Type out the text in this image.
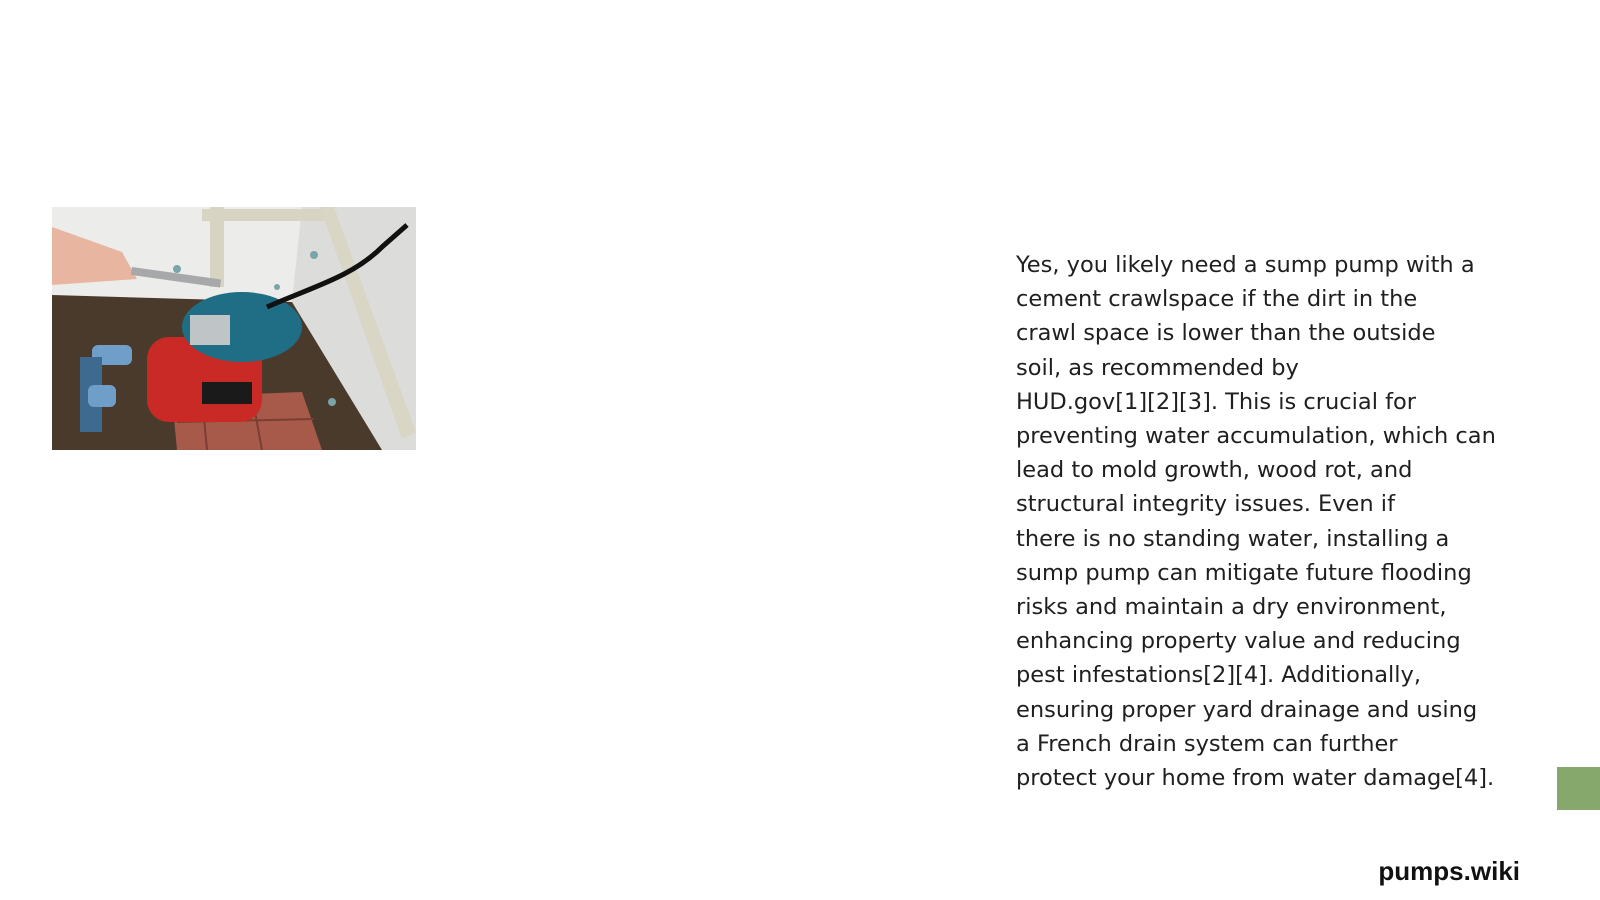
Yes, you likely need a sump pump with a
cement crawlspace if the dirt in the
crawl space is lower than the outside
soil, as recommended by
HUD.gov[1][2][3]. This is crucial for
preventing water accumulation, which can
lead to mold growth, wood rot, and
structural integrity issues. Even if
there is no standing water, installing a
sump pump can mitigate future flooding
risks and maintain a dry environment,
enhancing property value and reducing
pest infestations[2][4]. Additionally,
ensuring proper yard drainage and using
a French drain system can further
protect your home from water damage[4].

pumps.wiki
